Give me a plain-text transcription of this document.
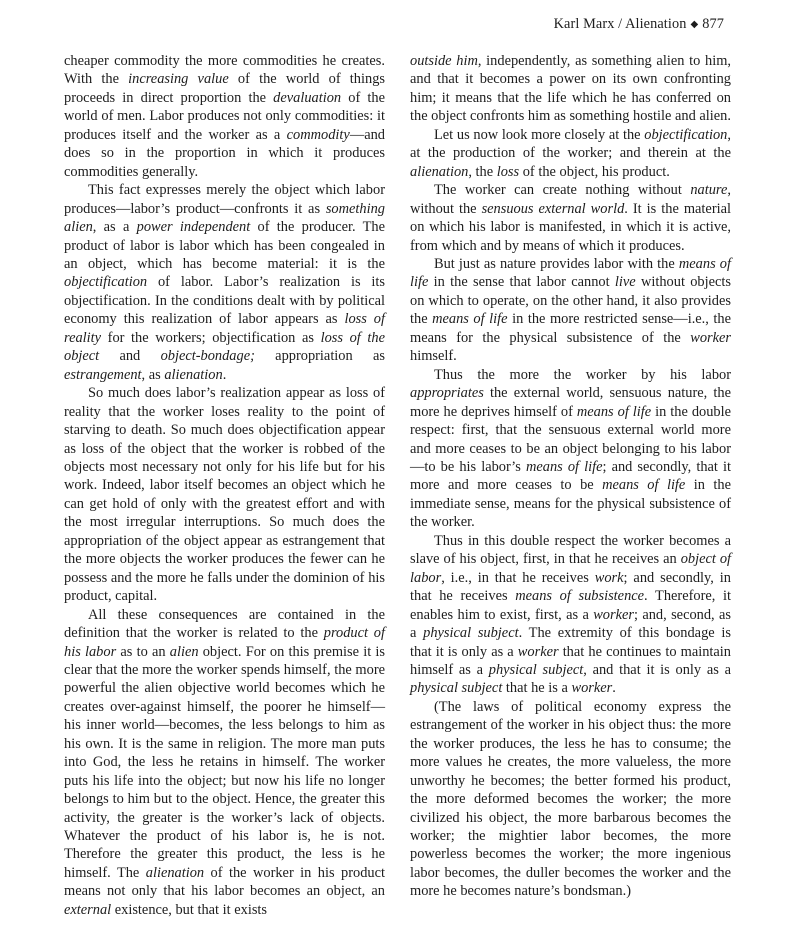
Karl Marx / Alienation ◆ 877

cheaper commodity the more commodities he creates. With the increasing value of the world of things proceeds in direct proportion the devaluation of the world of men. Labor produces not only commodities: it produces itself and the worker as a commodity—and does so in the proportion in which it produces commodities generally.

This fact expresses merely the object which labor produces—labor’s product—confronts it as something alien, as a power independent of the producer. The product of labor is labor which has been congealed in an object, which has become material: it is the objectification of labor. Labor’s realization is its objectification. In the conditions dealt with by political economy this realization of labor appears as loss of reality for the workers; objectification as loss of the object and object-bondage; appropriation as estrangement, as alienation.

So much does labor’s realization appear as loss of reality that the worker loses reality to the point of starving to death. So much does objectification appear as loss of the object that the worker is robbed of the objects most necessary not only for his life but for his work. Indeed, labor itself becomes an object which he can get hold of only with the greatest effort and with the most irregular interruptions. So much does the appropriation of the object appear as estrangement that the more objects the worker produces the fewer can he possess and the more he falls under the dominion of his product, capital.

All these consequences are contained in the definition that the worker is related to the product of his labor as to an alien object. For on this premise it is clear that the more the worker spends himself, the more powerful the alien objective world becomes which he creates over-against himself, the poorer he himself—his inner world—becomes, the less belongs to him as his own. It is the same in religion. The more man puts into God, the less he retains in himself. The worker puts his life into the object; but now his life no longer belongs to him but to the object. Hence, the greater this activity, the greater is the worker’s lack of objects. Whatever the product of his labor is, he is not. Therefore the greater this product, the less is he himself. The alienation of the worker in his product means not only that his labor becomes an object, an external existence, but that it exists

outside him, independently, as something alien to him, and that it becomes a power on its own confronting him; it means that the life which he has conferred on the object confronts him as something hostile and alien.

Let us now look more closely at the objectification, at the production of the worker; and therein at the alienation, the loss of the object, his product.

The worker can create nothing without nature, without the sensuous external world. It is the material on which his labor is manifested, in which it is active, from which and by means of which it produces.

But just as nature provides labor with the means of life in the sense that labor cannot live without objects on which to operate, on the other hand, it also provides the means of life in the more restricted sense—i.e., the means for the physical subsistence of the worker himself.

Thus the more the worker by his labor appropriates the external world, sensuous nature, the more he deprives himself of means of life in the double respect: first, that the sensuous external world more and more ceases to be an object belonging to his labor—to be his labor’s means of life; and secondly, that it more and more ceases to be means of life in the immediate sense, means for the physical subsistence of the worker.

Thus in this double respect the worker becomes a slave of his object, first, in that he receives an object of labor, i.e., in that he receives work; and secondly, in that he receives means of subsistence. Therefore, it enables him to exist, first, as a worker; and, second, as a physical subject. The extremity of this bondage is that it is only as a worker that he continues to maintain himself as a physical subject, and that it is only as a physical subject that he is a worker.

(The laws of political economy express the estrangement of the worker in his object thus: the more the worker produces, the less he has to consume; the more values he creates, the more valueless, the more unworthy he becomes; the better formed his product, the more deformed becomes the worker; the more civilized his object, the more barbarous becomes the worker; the mightier labor becomes, the more powerless becomes the worker; the more ingenious labor becomes, the duller becomes the worker and the more he becomes nature’s bondsman.)
